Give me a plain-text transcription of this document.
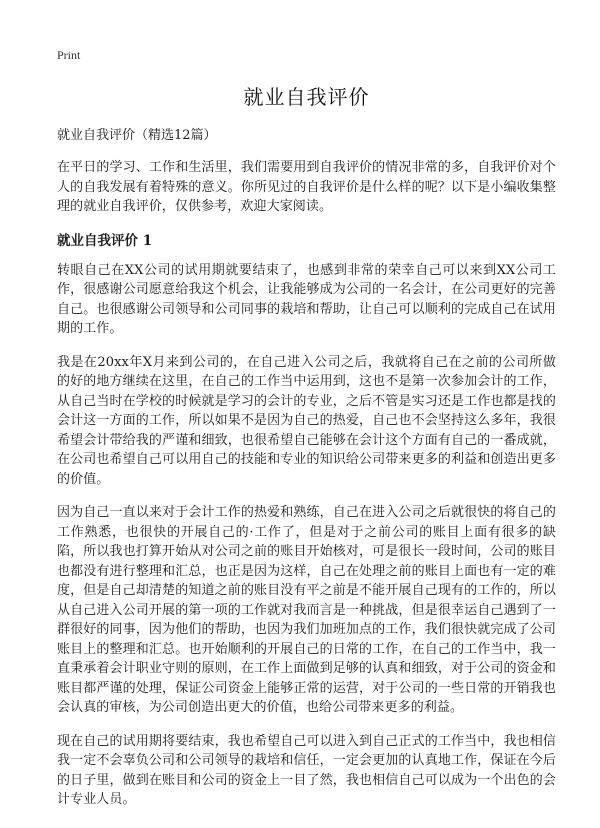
Print
就业自我评价
就业自我评价（精选12篇）

在平日的学习、工作和生活里，我们需要用到自我评价的情况非常的多，自我评价对个人的自我发展有着特殊的意义。你所见过的自我评价是什么样的呢？以下是小编收集整理的就业自我评价，仅供参考，欢迎大家阅读。

就业自我评价 1

转眼自己在XX公司的试用期就要结束了，也感到非常的荣幸自己可以来到XX公司工作，很感谢公司愿意给我这个机会，让我能够成为公司的一名会计，在公司更好的完善自己。也很感谢公司领导和公司同事的栽培和帮助，让自己可以顺利的完成自己在试用期的工作。

我是在20xx年X月来到公司的，在自己进入公司之后，我就将自己在之前的公司所做的好的地方继续在这里，在自己的工作当中运用到，这也不是第一次参加会计的工作，从自己当时在学校的时候就是学习的会计的专业，之后不管是实习还是工作也都是找的会计这一方面的工作，所以如果不是因为自己的热爱，自己也不会坚持这么多年，我很希望会计带给我的严谨和细致，也很希望自己能够在会计这个方面有自己的一番成就，在公司也希望自己可以用自己的技能和专业的知识给公司带来更多的利益和创造出更多的价值。

因为自己一直以来对于会计工作的热爱和熟练，自己在进入公司之后就很快的将自己的工作熟悉，也很快的开展自己的·工作了，但是对于之前公司的账目上面有很多的缺陷，所以我也打算开始从对公司之前的账目开始核对，可是很长一段时间，公司的账目也都没有进行整理和汇总，也正是因为这样，自己在处理之前的账目上面也有一定的难度，但是自己却清楚的知道之前的账目没有平之前是不能开展自己现有的工作的，所以从自己进入公司开展的第一项的工作就对我而言是一种挑战，但是很幸运自己遇到了一群很好的同事，因为他们的帮助，也因为我们加班加点的工作，我们很快就完成了公司账目上的整理和汇总。也开始顺利的开展自己的日常的工作，在自己的工作当中，我一直秉承着会计职业守则的原则，在工作上面做到足够的认真和细致，对于公司的资金和账目都严谨的处理，保证公司资金上能够正常的运营，对于公司的一些日常的开销我也会认真的审核，为公司创造出更大的价值，也给公司带来更多的利益。

现在自己的试用期将要结束，我也希望自己可以进入到自己正式的工作当中，我也相信我一定不会辜负公司和公司领导的栽培和信任，一定会更加的认真地工作，保证在今后的日子里，做到在账目和公司的资金上一目了然，我也相信自己可以成为一个出色的会计专业人员。
